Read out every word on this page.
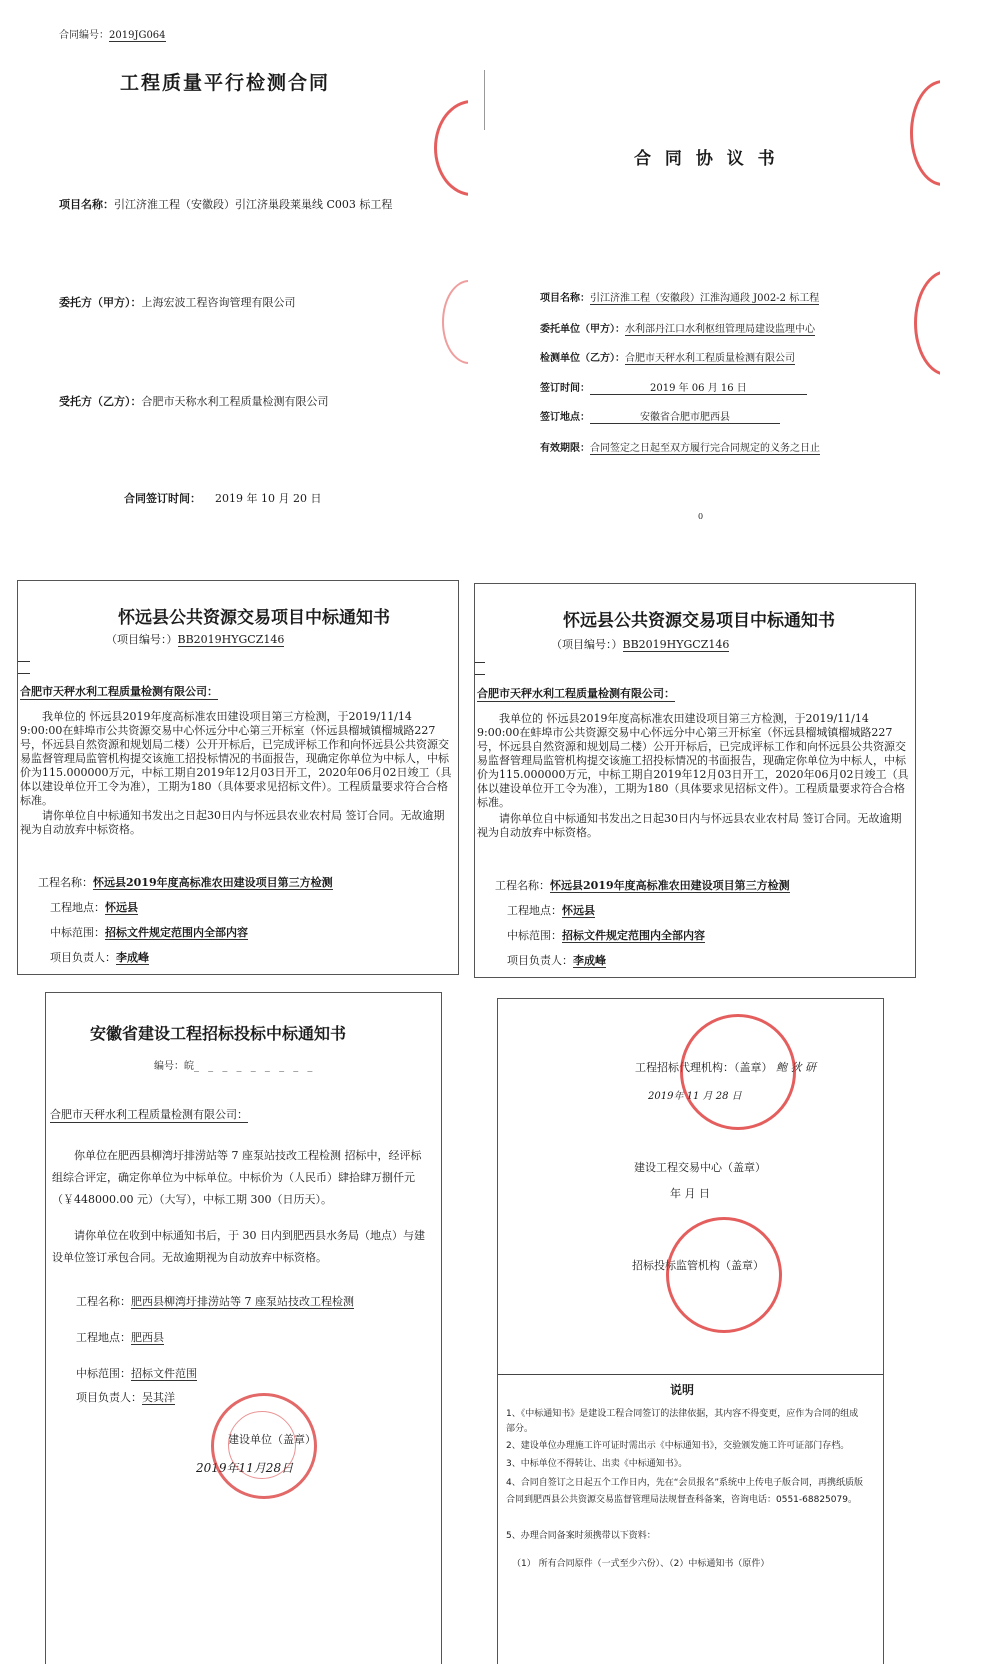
合同编号：2019JG064
工程质量平行检测合同
项目名称：引江济淮工程（安徽段）引江济巢段莱巢线 C003 标工程
委托方（甲方）：上海宏波工程咨询管理有限公司
受托方（乙方）：合肥市天称水利工程质量检测有限公司
合同签订时间： 2019 年 10 月 20 日
合 同 协 议 书
项目名称：引江济淮工程（安徽段）江淮沟通段 J002-2 标工程
委托单位（甲方）：水利部丹江口水利枢纽管理局建设监理中心
检测单位（乙方）：合肥市天秤水利工程质量检测有限公司
签订时间：	2019 年 06 月 16 日
签订地点：	安徽省合肥市肥西县
有效期限：合同签定之日起至双方履行完合同规定的义务之日止
0
怀远县公共资源交易项目中标通知书
（项目编号：）BB2019HYGCZ146
合肥市天秤水利工程质量检测有限公司：
我单位的 怀远县2019年度高标准农田建设项目第三方检测，于2019/11/14 9:00:00在蚌埠市公共资源交易中心怀远分中心第三开标室（怀远县榴城镇榴城路227号，怀远县自然资源和规划局二楼）公开开标后，已完成评标工作和向怀远县公共资源交易监督管理局监管机构提交该施工招投标情况的书面报告，现确定你单位为中标人，中标价为115.000000万元，中标工期自2019年12月03日开工，2020年06月02日竣工（具体以建设单位开工令为准），工期为180（具体要求见招标文件）。工程质量要求符合合格 标准。
请你单位自中标通知书发出之日起30日内与怀远县农业农村局 签订合同。无故逾期视为自动放弃中标资格。
工程名称：怀远县2019年度高标准农田建设项目第三方检测
工程地点：怀远县
中标范围：招标文件规定范围内全部内容
项目负责人：李成峰
怀远县公共资源交易项目中标通知书
（项目编号：）BB2019HYGCZ146
合肥市天秤水利工程质量检测有限公司：
我单位的 怀远县2019年度高标准农田建设项目第三方检测，于2019/11/14 9:00:00在蚌埠市公共资源交易中心怀远分中心第三开标室（怀远县榴城镇榴城路227号，怀远县自然资源和规划局二楼）公开开标后，已完成评标工作和向怀远县公共资源交易监督管理局监管机构提交该施工招投标情况的书面报告，现确定你单位为中标人，中标价为115.000000万元，中标工期自2019年12月03日开工，2020年06月02日竣工（具体以建设单位开工令为准），工期为180（具体要求见招标文件）。工程质量要求符合合格 标准。
请你单位自中标通知书发出之日起30日内与怀远县农业农村局 签订合同。无故逾期视为自动放弃中标资格。
工程名称：怀远县2019年度高标准农田建设项目第三方检测
工程地点：怀远县
中标范围：招标文件规定范围内全部内容
项目负责人：李成峰
安徽省建设工程招标投标中标通知书
编号：皖_ _ _ _ _ _ _ _ _
合肥市天秤水利工程质量检测有限公司：
你单位在肥西县柳湾圩排涝站等 7 座泵站技改工程检测 招标中，经评标组综合评定，确定你单位为中标单位。中标价为（人民币）肆拾肆万捌仟元（￥448000.00 元）（大写），中标工期 300（日历天）。
请你单位在收到中标通知书后，于 30 日内到肥西县水务局（地点）与建设单位签订承包合同。无故逾期视为自动放弃中标资格。
工程名称：肥西县柳湾圩排涝站等 7 座泵站技改工程检测
工程地点：肥西县
中标范围：招标文件范围
项目负责人：吴其洋
建设单位（盖章）
2019年11月28日
工程招标代理机构：（盖章） 鲍 狄 研
2019年 11 月 28 日
建设工程交易中心（盖章）
年 月 日
招标投标监管机构（盖章）
说明
1、《中标通知书》是建设工程合同签订的法律依据，其内容不得变更，应作为合同的组成部分。
2、建设单位办理施工许可证时需出示《中标通知书》，交验颁发施工许可证部门存档。
3、中标单位不得转让、出卖《中标通知书》。
4、合同自签订之日起五个工作日内，先在“会员报名”系统中上传电子版合同，再携纸质版合同到肥西县公共资源交易监督管理局法规督查科备案，咨询电话：0551-68825079。
5、办理合同备案时须携带以下资料：
（1） 所有合同原件（一式至少六份）、（2）中标通知书（原件）
